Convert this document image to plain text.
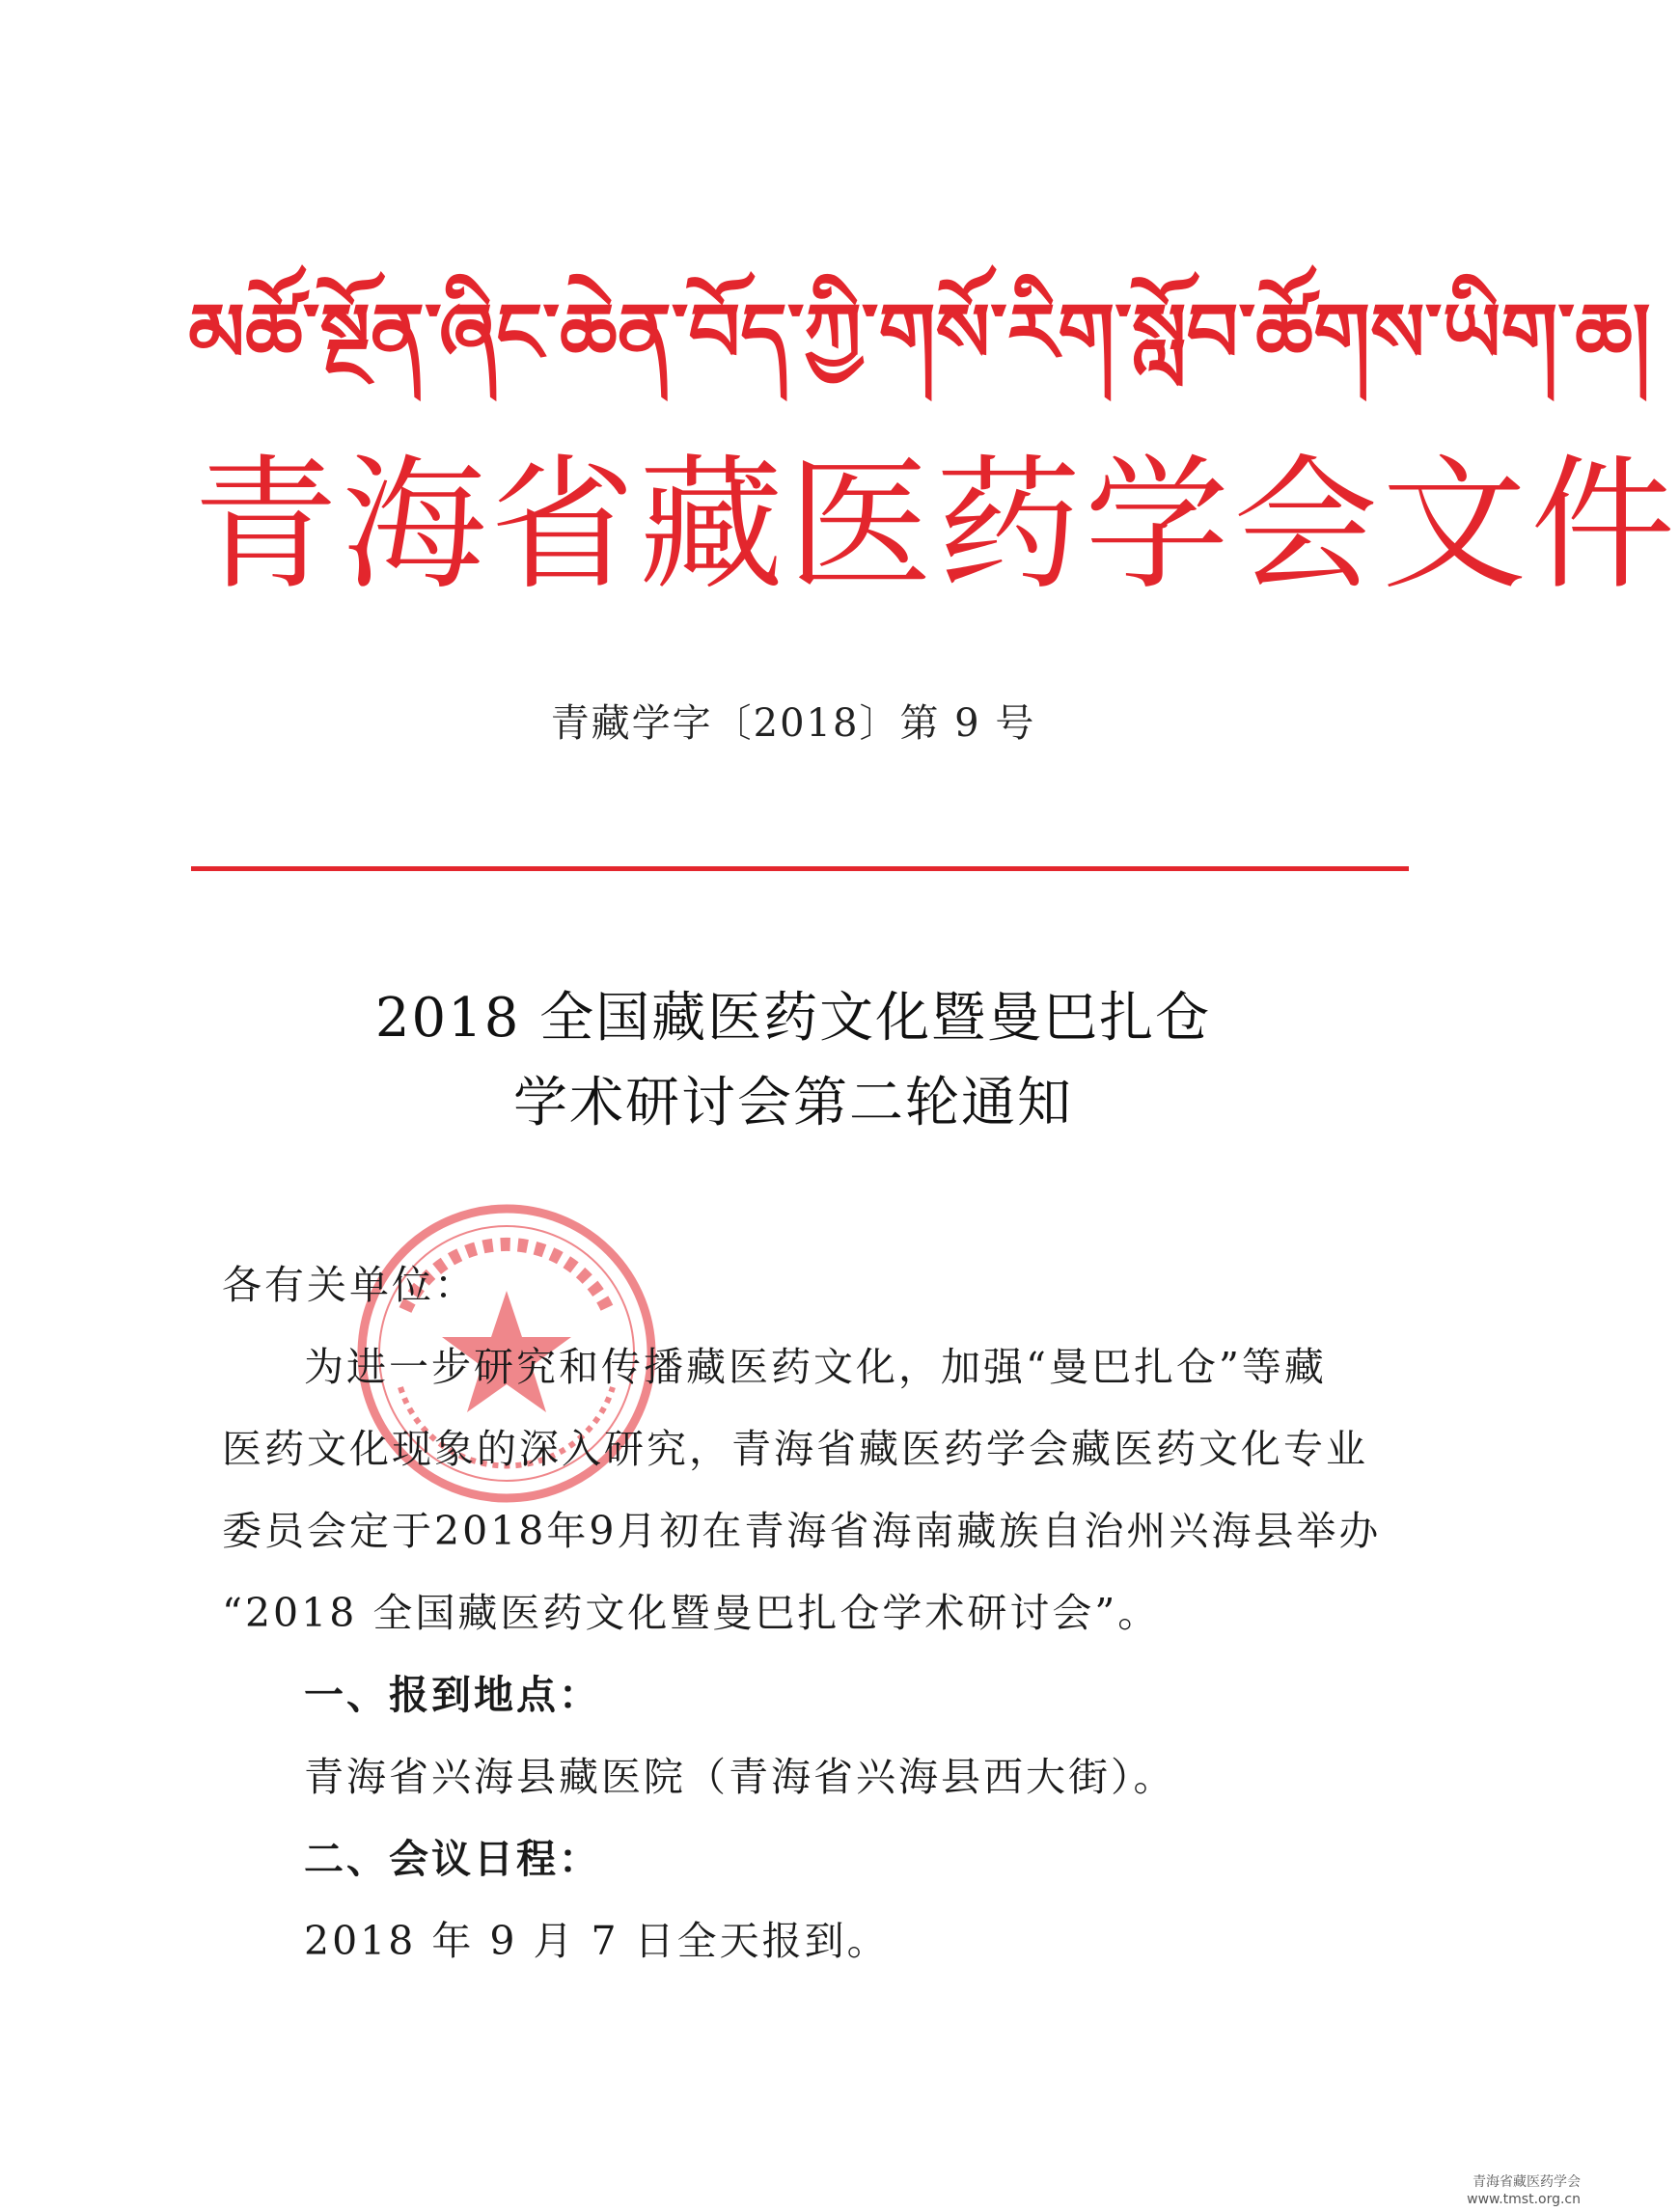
མཚོ་སྔོན་ཞིང་ཆེན་བོད་ཀྱི་གསོ་རིག་སློབ་ཚོགས་ཡིག་ཆ།
青海省藏医药学会文件
青藏学字〔2018〕第 9 号
2018 全国藏医药文化暨曼巴扎仓
学术研讨会第二轮通知
各有关单位：
为进一步研究和传播藏医药文化，加强“曼巴扎仓”等藏
医药文化现象的深入研究，青海省藏医药学会藏医药文化专业
委员会定于2018年9月初在青海省海南藏族自治州兴海县举办
“2018 全国藏医药文化暨曼巴扎仓学术研讨会”。
一、报到地点：
青海省兴海县藏医院（青海省兴海县西大街）。
二、会议日程：
2018 年 9 月 7 日全天报到。
青海省藏医药学会
www.tmst.org.cn
